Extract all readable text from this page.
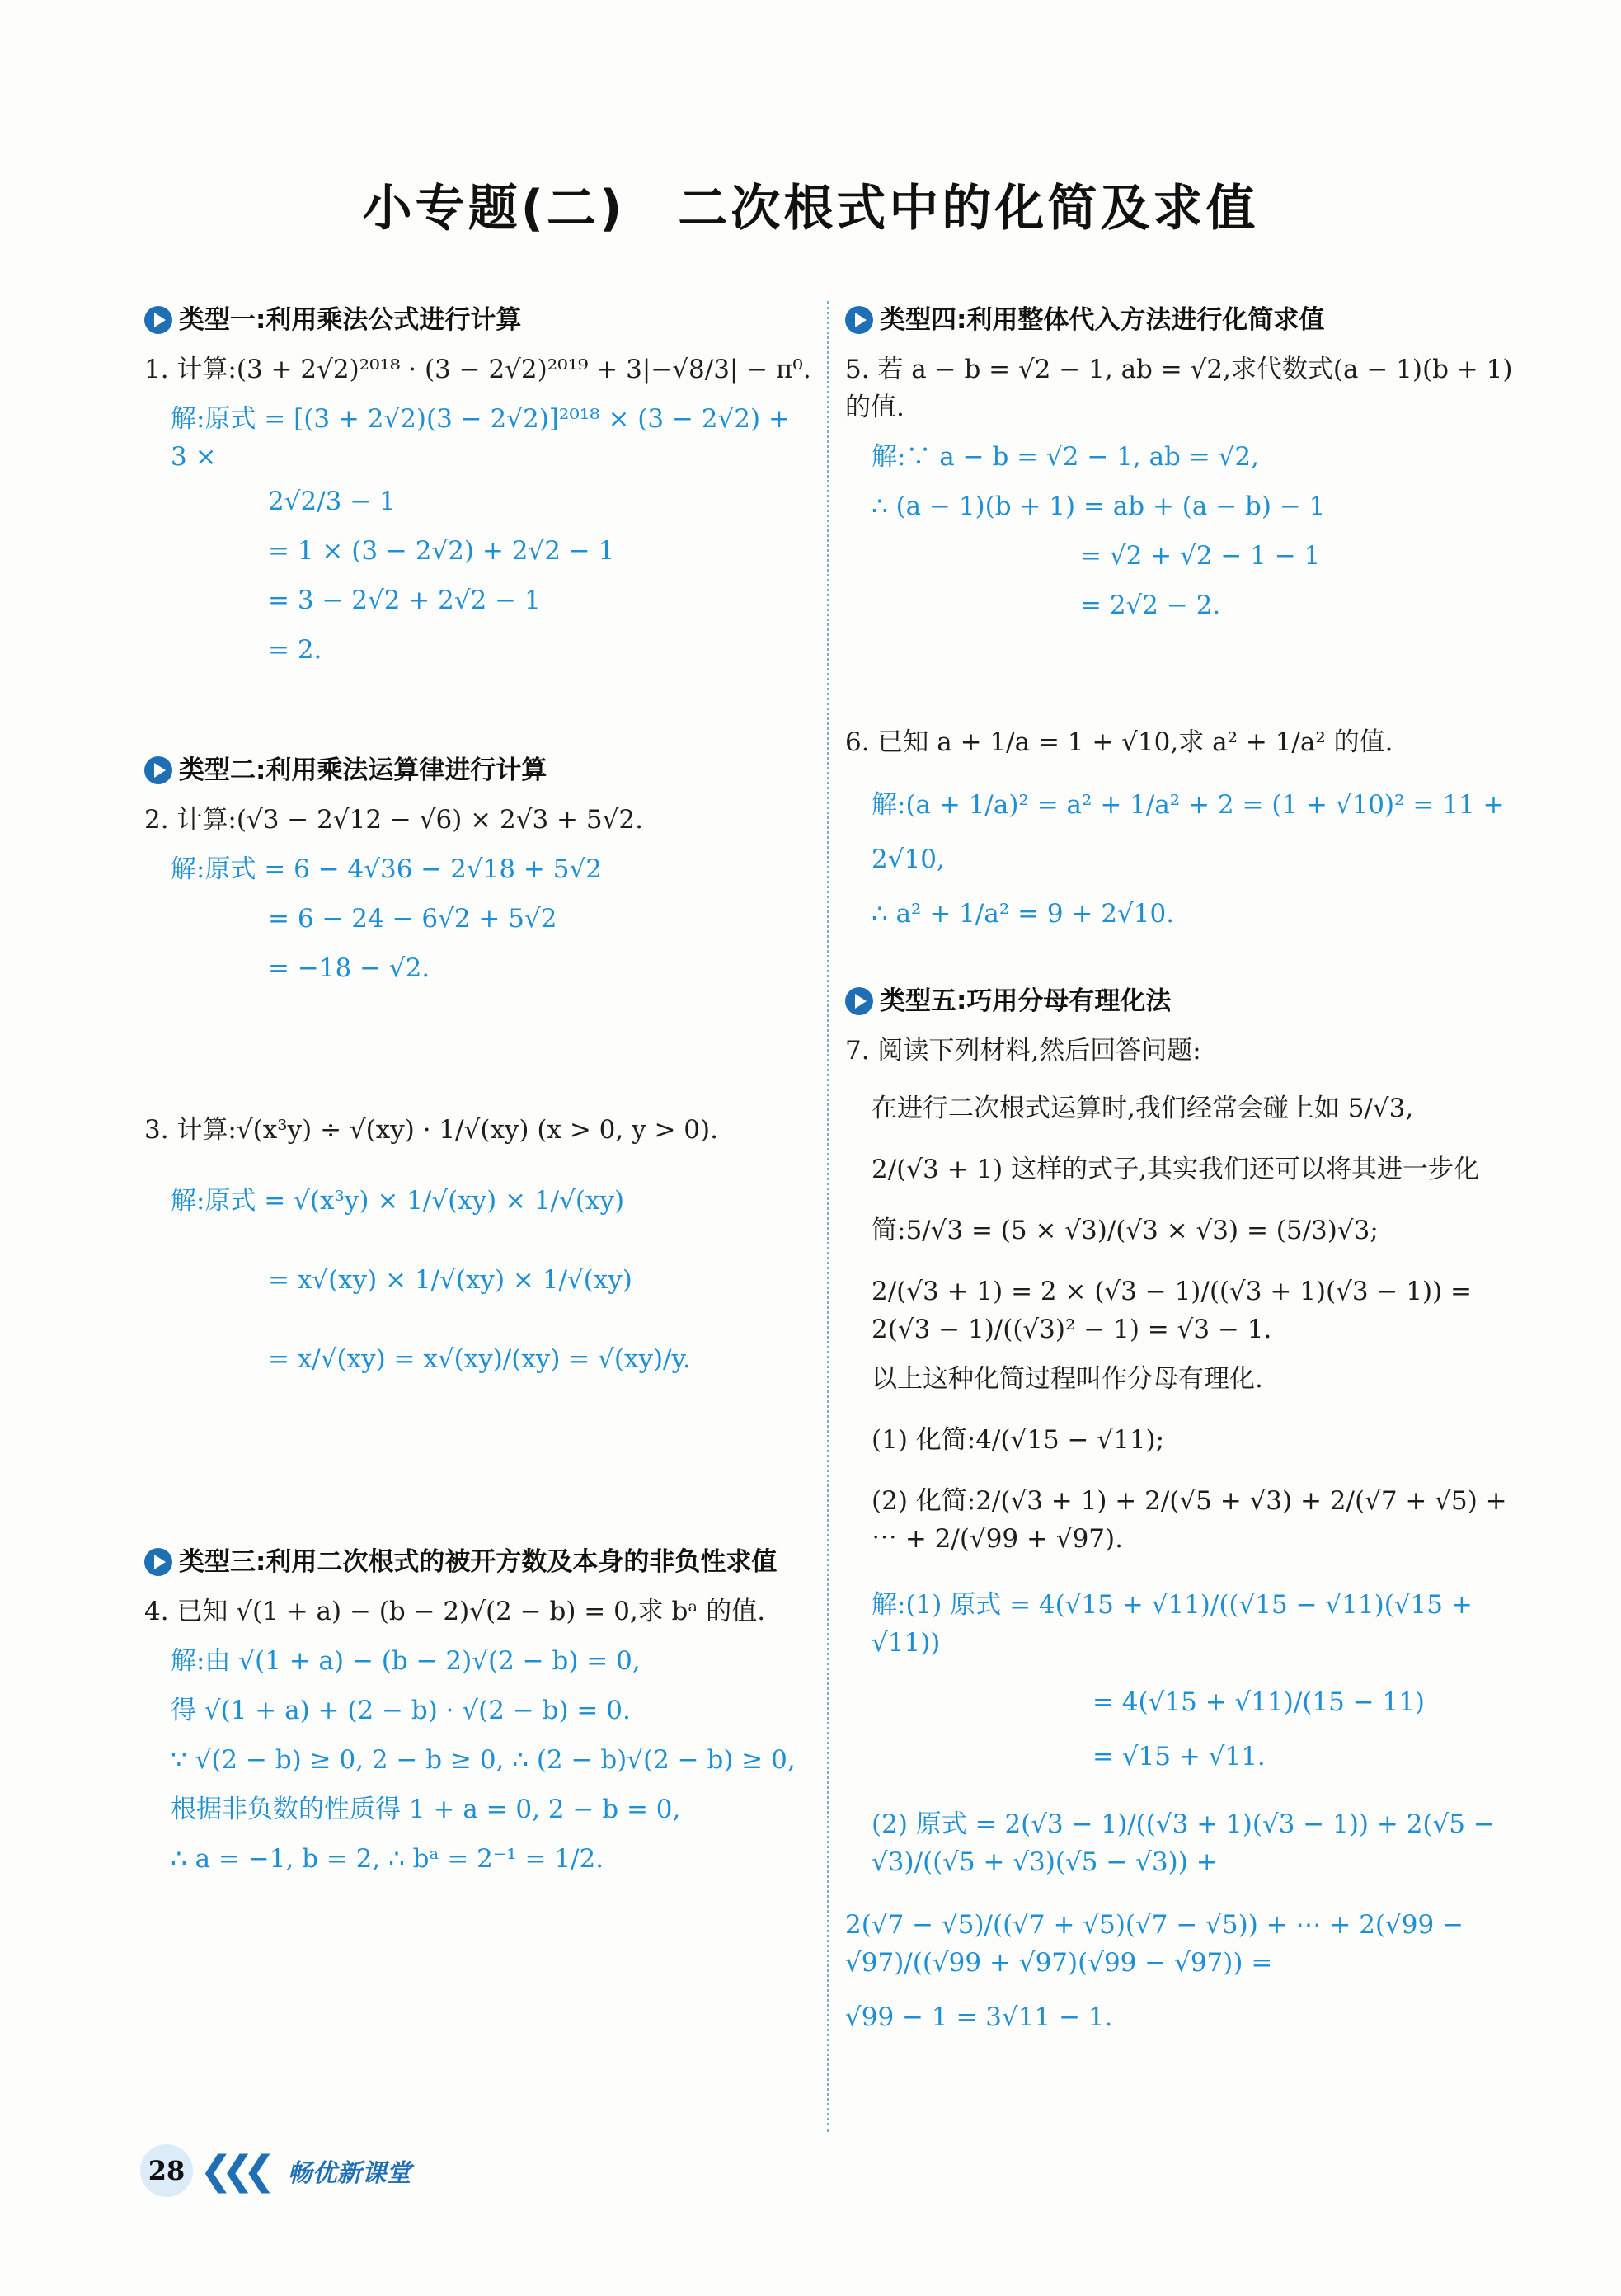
小专题(二)　二次根式中的化简及求值
类型一:利用乘法公式进行计算
1. 计算:(3 + 2√2)²⁰¹⁸ · (3 − 2√2)²⁰¹⁹ + 3|−√8/3| − π⁰.
解:原式 = [(3 + 2√2)(3 − 2√2)]²⁰¹⁸ × (3 − 2√2) + 3 ×
2√2/3 − 1
= 1 × (3 − 2√2) + 2√2 − 1
= 3 − 2√2 + 2√2 − 1
= 2.
类型二:利用乘法运算律进行计算
2. 计算:(√3 − 2√12 − √6) × 2√3 + 5√2.
解:原式 = 6 − 4√36 − 2√18 + 5√2
= 6 − 24 − 6√2 + 5√2
= −18 − √2.
3. 计算:√(x³y) ÷ √(xy) · 1/√(xy) (x > 0, y > 0).
解:原式 = √(x³y) × 1/√(xy) × 1/√(xy)
= x√(xy) × 1/√(xy) × 1/√(xy)
= x/√(xy) = x√(xy)/(xy) = √(xy)/y.
类型三:利用二次根式的被开方数及本身的非负性求值
4. 已知 √(1 + a) − (b − 2)√(2 − b) = 0,求 bᵃ 的值.
解:由 √(1 + a) − (b − 2)√(2 − b) = 0,
得 √(1 + a) + (2 − b) · √(2 − b) = 0.
∵ √(2 − b) ≥ 0, 2 − b ≥ 0, ∴ (2 − b)√(2 − b) ≥ 0,
根据非负数的性质得 1 + a = 0, 2 − b = 0,
∴ a = −1, b = 2, ∴ bᵃ = 2⁻¹ = 1/2.
类型四:利用整体代入方法进行化简求值
5. 若 a − b = √2 − 1, ab = √2,求代数式(a − 1)(b + 1)的值.
解:∵ a − b = √2 − 1, ab = √2,
∴ (a − 1)(b + 1) = ab + (a − b) − 1
= √2 + √2 − 1 − 1
= 2√2 − 2.
6. 已知 a + 1/a = 1 + √10,求 a² + 1/a² 的值.
解:(a + 1/a)² = a² + 1/a² + 2 = (1 + √10)² = 11 +
2√10,
∴ a² + 1/a² = 9 + 2√10.
类型五:巧用分母有理化法
7. 阅读下列材料,然后回答问题:
在进行二次根式运算时,我们经常会碰上如 5/√3,
2/(√3 + 1) 这样的式子,其实我们还可以将其进一步化
简:5/√3 = (5 × √3)/(√3 × √3) = (5/3)√3;
2/(√3 + 1) = 2 × (√3 − 1)/((√3 + 1)(√3 − 1)) = 2(√3 − 1)/((√3)² − 1) = √3 − 1.
以上这种化简过程叫作分母有理化.
(1) 化简:4/(√15 − √11);
(2) 化简:2/(√3 + 1) + 2/(√5 + √3) + 2/(√7 + √5) + ⋯ + 2/(√99 + √97).
解:(1) 原式 = 4(√15 + √11)/((√15 − √11)(√15 + √11))
= 4(√15 + √11)/(15 − 11)
= √15 + √11.
(2) 原式 = 2(√3 − 1)/((√3 + 1)(√3 − 1)) + 2(√5 − √3)/((√5 + √3)(√5 − √3)) +
2(√7 − √5)/((√7 + √5)(√7 − √5)) + ⋯ + 2(√99 − √97)/((√99 + √97)(√99 − √97)) =
√99 − 1 = 3√11 − 1.
28 ❮❮❮ 畅优新课堂
